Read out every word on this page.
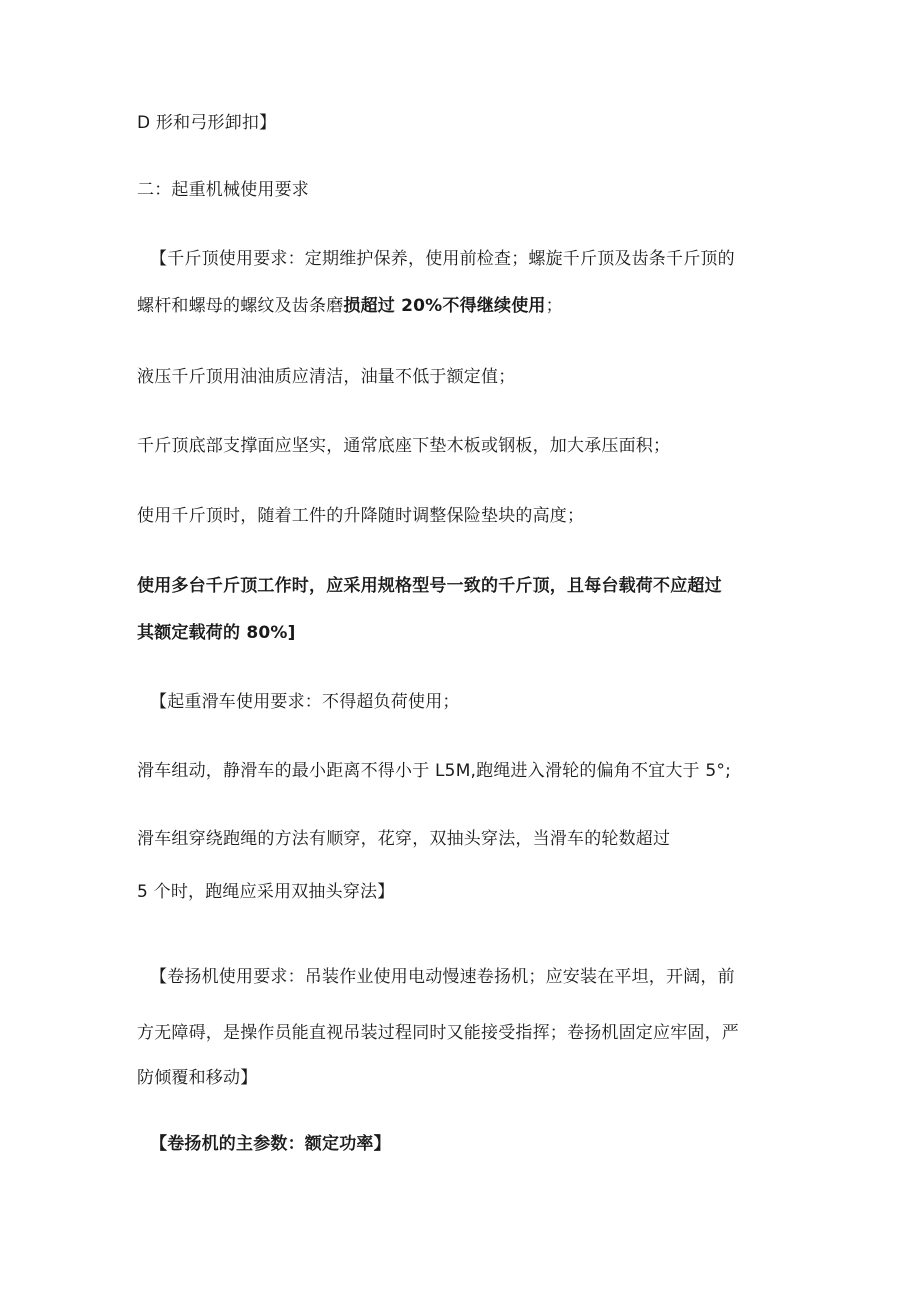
D 形和弓形卸扣】
二：起重机械使用要求
【千斤顶使用要求：定期维护保养，使用前检查；螺旋千斤顶及齿条千斤顶的
螺杆和螺母的螺纹及齿条磨损超过 20%不得继续使用；
液压千斤顶用油油质应清洁，油量不低于额定值；
千斤顶底部支撑面应坚实，通常底座下垫木板或钢板，加大承压面积；
使用千斤顶时，随着工件的升降随时调整保险垫块的高度；
使用多台千斤顶工作时，应采用规格型号一致的千斤顶，且每台载荷不应超过
其额定载荷的 80%]
【起重滑车使用要求：不得超负荷使用；
滑车组动，静滑车的最小距离不得小于 L5M,跑绳进入滑轮的偏角不宜大于 5°;
滑车组穿绕跑绳的方法有顺穿，花穿，双抽头穿法，当滑车的轮数超过
5 个时，跑绳应采用双抽头穿法】
【卷扬机使用要求：吊装作业使用电动慢速卷扬机；应安装在平坦，开阔，前
方无障碍，是操作员能直视吊装过程同时又能接受指挥；卷扬机固定应牢固，严
防倾覆和移动】
【卷扬机的主参数：额定功率】
